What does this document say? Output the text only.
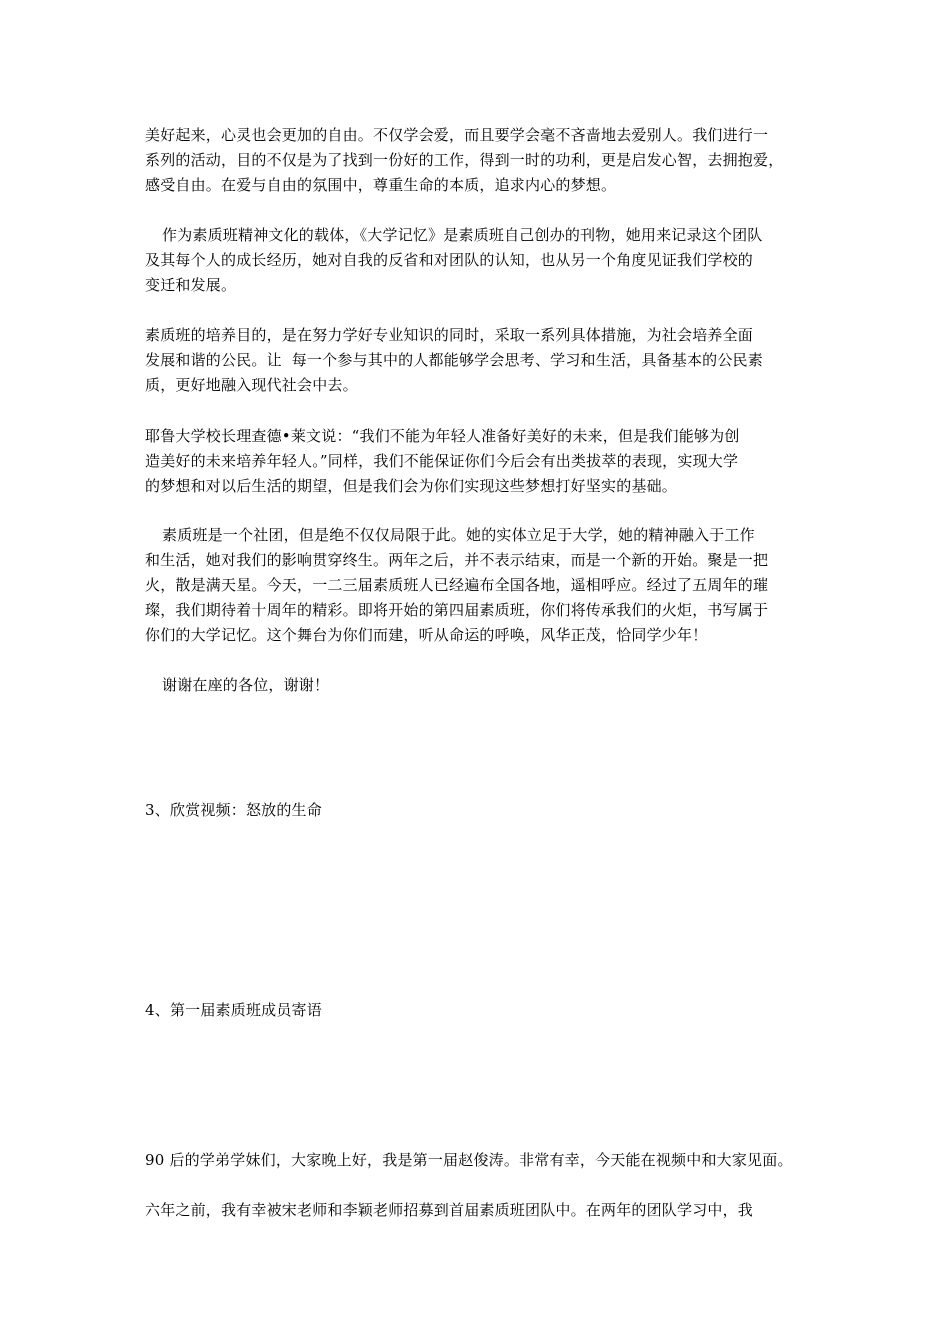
美好起来，心灵也会更加的自由。不仅学会爱，而且要学会毫不吝啬地去爱别人。我们进行一
系列的活动，目的不仅是为了找到一份好的工作，得到一时的功利，更是启发心智，去拥抱爱，
感受自由。在爱与自由的氛围中，尊重生命的本质，追求内心的梦想。
作为素质班精神文化的载体，《大学记忆》是素质班自己创办的刊物，她用来记录这个团队
及其每个人的成长经历，她对自我的反省和对团队的认知，也从另一个角度见证我们学校的
变迁和发展。
素质班的培养目的，是在努力学好专业知识的同时，采取一系列具体措施，为社会培养全面
发展和谐的公民。让  每一个参与其中的人都能够学会思考、学习和生活，具备基本的公民素
质，更好地融入现代社会中去。
耶鲁大学校长理查德•莱文说：“我们不能为年轻人准备好美好的未来，但是我们能够为创
造美好的未来培养年轻人。”同样，我们不能保证你们今后会有出类拔萃的表现，实现大学
的梦想和对以后生活的期望，但是我们会为你们实现这些梦想打好坚实的基础。
素质班是一个社团，但是绝不仅仅局限于此。她的实体立足于大学，她的精神融入于工作
和生活，她对我们的影响贯穿终生。两年之后，并不表示结束，而是一个新的开始。聚是一把
火，散是满天星。今天，一二三届素质班人已经遍布全国各地，遥相呼应。经过了五周年的璀
璨，我们期待着十周年的精彩。即将开始的第四届素质班，你们将传承我们的火炬，书写属于
你们的大学记忆。这个舞台为你们而建，听从命运的呼唤，风华正茂，恰同学少年！
谢谢在座的各位，谢谢！
3、欣赏视频：怒放的生命
4、第一届素质班成员寄语
90 后的学弟学妹们，大家晚上好，我是第一届赵俊涛。非常有幸，今天能在视频中和大家见面。
六年之前，我有幸被宋老师和李颖老师招募到首届素质班团队中。在两年的团队学习中，我
